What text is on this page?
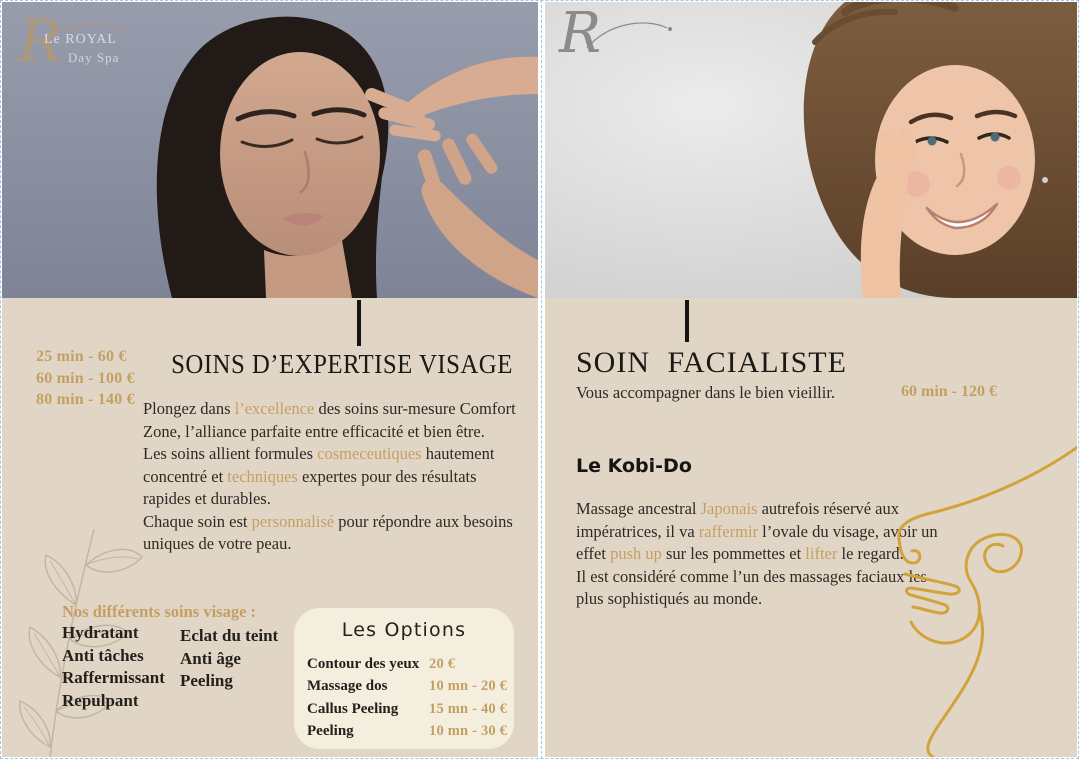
R
Le ROYAL
Day Spa
SOINS D’EXPERTISE VISAGE
25 min - 60 €
60 min - 100 €
80 min - 140 € Plongez dans l’excellence des soins sur-mesure Comfort Zone, l’alliance parfaite entre efficacité et bien être.

Les soins allient formules cosmeceutiques hautement concentré et techniques expertes pour des résultats rapides et durables.

Chaque soin est personnalisé pour répondre aux besoins uniques de votre peau.

Nos différents soins visage :
Hydratant
Anti tâches
Raffermissant
Repulpant
Eclat du teint
Anti âge
Peeling
Les Options
Contour des yeux 20 €
Massage dos	10 mn - 20 €
Callus Peeling	15 mn - 40 €
Peeling	10 mn - 30 €
R
SOIN FACIALISTE
Vous accompagner dans le bien vieillir.	60 min - 120 €
Le Kobi-Do

Massage ancestral Japonais autrefois réservé aux impératrices, il va raffermir l’ovale du visage, avoir un effet push up sur les pommettes et lifter le regard.

Il est considéré comme l’un des massages faciaux les plus sophistiqués au monde.
